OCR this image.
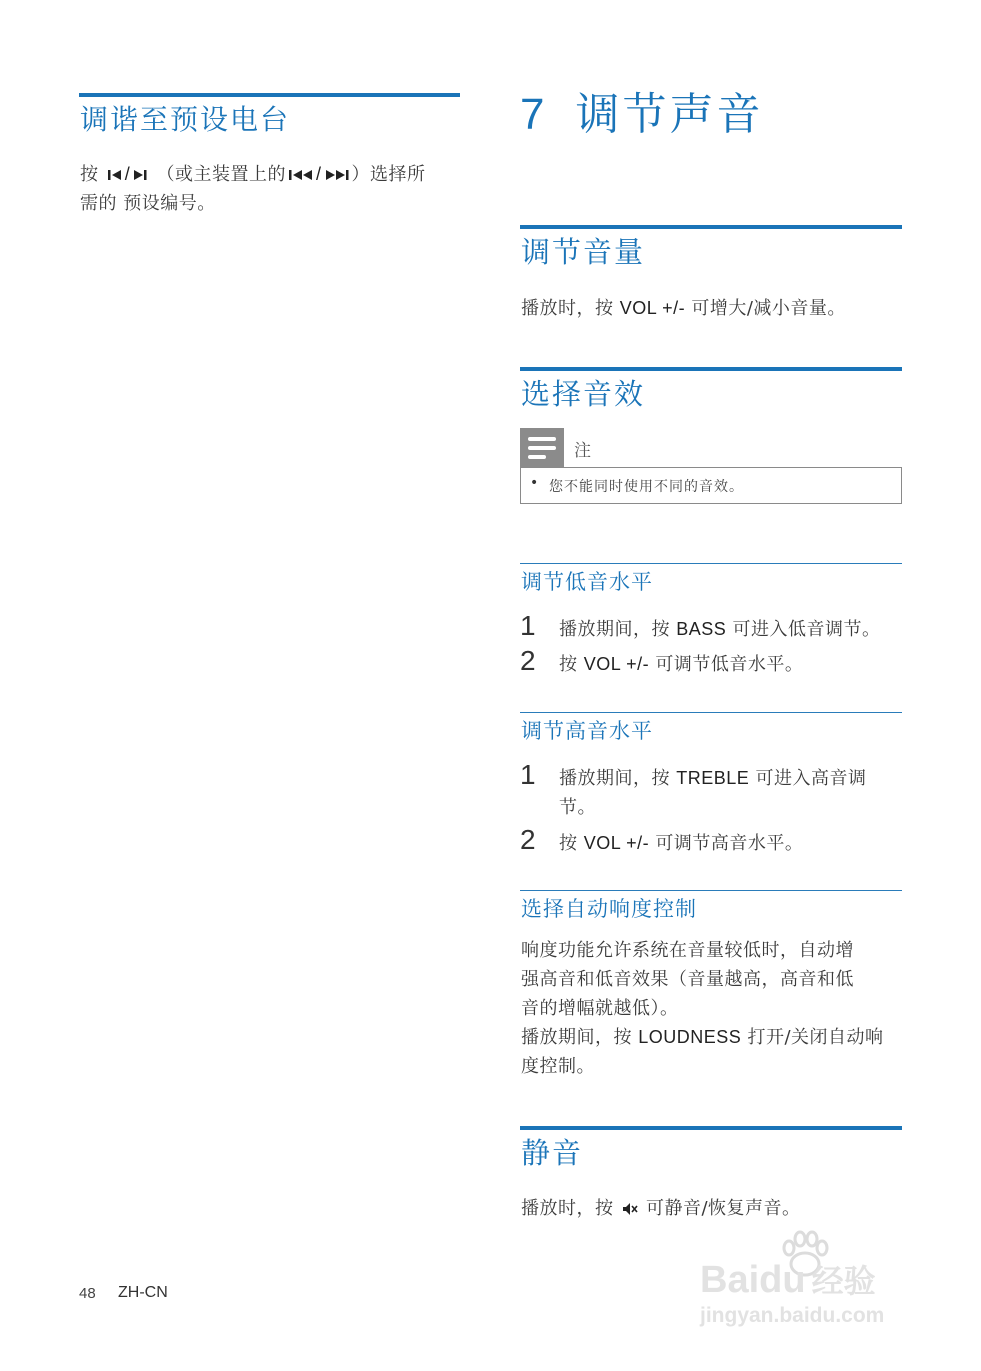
调谐至预设电台
按 / （或主装置上的 / ）选择所
需的 预设编号。
7 调节声音
调节音量
播放时，按 VOL +/- 可增大/减小音量。
选择音效
注
• 您不能同时使用不同的音效。
调节低音水平
1 播放期间，按 BASS 可进入低音调节。
2 按 VOL +/- 可调节低音水平。
调节高音水平
1 播放期间，按 TREBLE 可进入高音调
节。
2 按 VOL +/- 可调节高音水平。
选择自动响度控制
响度功能允许系统在音量较低时，自动增
强高音和低音效果（音量越高，高音和低
音的增幅就越低）。
播放期间，按 LOUDNESS 打开/关闭自动响
度控制。
静音
播放时，按 可静音/恢复声音。
48 ZH-CN	Baidu 经验
jingyan.baidu.com
